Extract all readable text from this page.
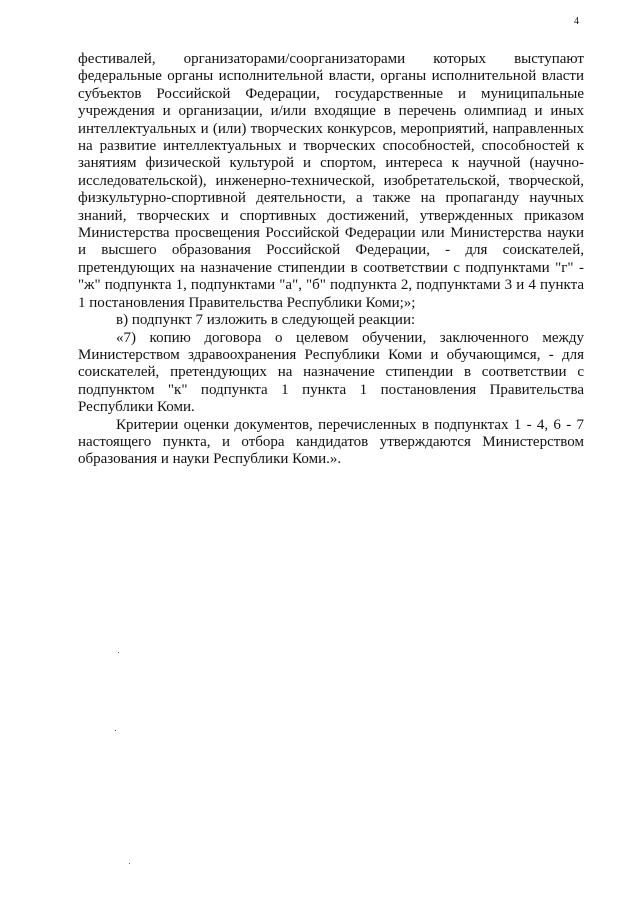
4

фестивалей, организаторами/соорганизаторами которых выступают федеральные органы исполнительной власти, органы исполнительной власти субъектов Российской Федерации, государственные и муниципальные учреждения и организации, и/или входящие в перечень олимпиад и иных интеллектуальных и (или) творческих конкурсов, мероприятий, направленных на развитие интеллектуальных и творческих способностей, способностей к занятиям физической культурой и спортом, интереса к научной (научно-исследовательской), инженерно-технической, изобретательской, творческой, физкультурно-спортивной деятельности, а также на пропаганду научных знаний, творческих и спортивных достижений, утвержденных приказом Министерства просвещения Российской Федерации или Министерства науки и высшего образования Российской Федерации, - для соискателей, претендующих на назначение стипендии в соответствии с подпунктами "г" - "ж" подпункта 1, подпунктами "а", "б" подпункта 2, подпунктами 3 и 4 пункта 1 постановления Правительства Республики Коми;»;

в) подпункт 7 изложить в следующей реакции:

«7) копию договора о целевом обучении, заключенного между Министерством здравоохранения Республики Коми и обучающимся, - для соискателей, претендующих на назначение стипендии в соответствии с подпунктом "к" подпункта 1 пункта 1 постановления Правительства Республики Коми.

Критерии оценки документов, перечисленных в подпунктах 1 - 4, 6 - 7 настоящего пункта, и отбора кандидатов утверждаются Министерством образования и науки Республики Коми.».
